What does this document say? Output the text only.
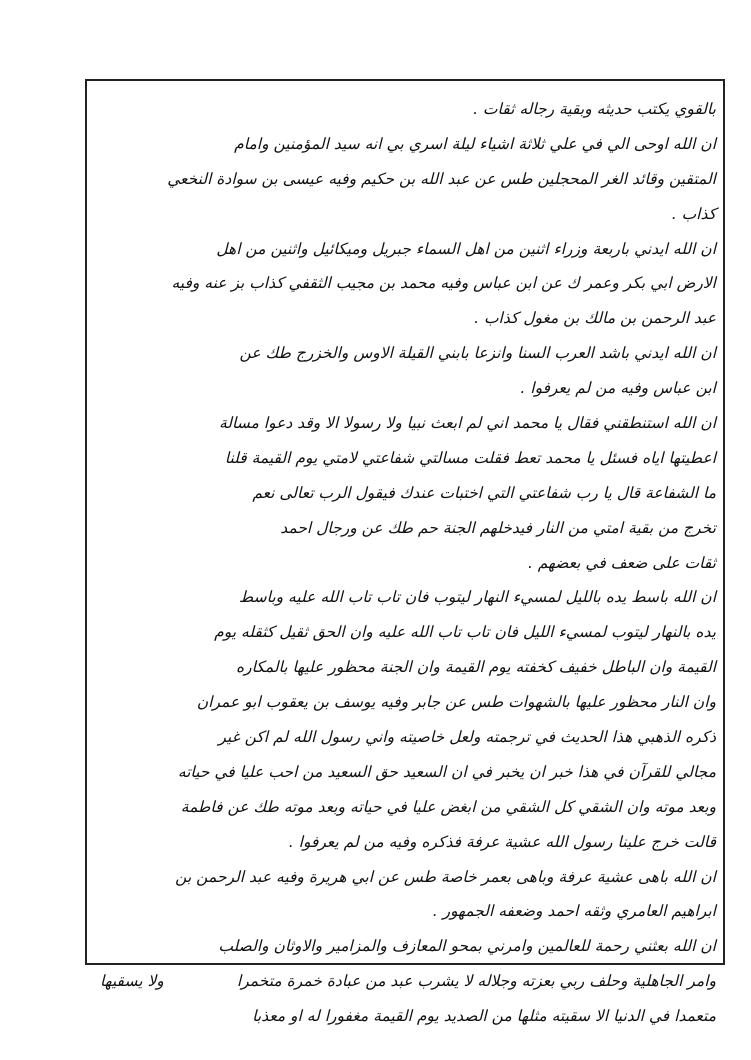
بالقوي يكتب حديثه وبقية رجاله ثقات .
ان الله اوحى الي في علي ثلاثة اشياء ليلة اسري بي انه سيد المؤمنين وامام
المتقين وقائد الغر المحجلين طس عن عبد الله بن حكيم وفيه عيسى بن سوادة النخعي
كذاب .
ان الله ايدني باربعة وزراء اثنين من اهل السماء جبريل وميكائيل واثنين من اهل
الارض ابي بكر وعمر ك عن ابن عباس وفيه محمد بن مجيب الثقفي كذاب بز عنه وفيه
عبد الرحمن بن مالك بن مغول كذاب .
ان الله ايدني باشد العرب السنا وانزعا بابني القيلة الاوس والخزرج طك عن
ابن عباس وفيه من لم يعرفوا .
ان الله استنطقني فقال يا محمد اني لم ابعث نبيا ولا رسولا الا وقد دعوا مسالة
اعطيتها اياه فسئل يا محمد تعط فقلت مسالتي شفاعتي لامتي يوم القيمة قلنا
ما الشفاعة قال يا رب شفاعتي التي اختبات عندك فيقول الرب تعالى نعم
تخرج من بقية امتي من النار فيدخلهم الجنة حم طك عن ورجال احمد
ثقات على ضعف في بعضهم .
ان الله باسط يده بالليل لمسيء النهار ليتوب فان تاب تاب الله عليه وباسط
يده بالنهار ليتوب لمسيء الليل فان تاب تاب الله عليه وان الحق ثقيل كثقله يوم
القيمة وان الباطل خفيف كخفته يوم القيمة وان الجنة محظور عليها بالمكاره
وان النار محظور عليها بالشهوات طس عن جابر وفيه يوسف بن يعقوب ابو عمران
ذكره الذهبي هذا الحديث في ترجمته ولعل خاصيته واني رسول الله لم اكن غير
مجالي للقرآن في هذا خبر ان يخبر في ان السعيد حق السعيد من احب عليا في حياته
وبعد موته وان الشقي كل الشقي من ابغض عليا في حياته وبعد موته طك عن فاطمة
قالت خرج علينا رسول الله عشية عرفة فذكره وفيه من لم يعرفوا .
ان الله باهى عشية عرفة وباهى بعمر خاصة طس عن ابي هريرة وفيه عبد الرحمن بن
ابراهيم العامري وثقه احمد وضعفه الجمهور .
ان الله بعثني رحمة للعالمين وامرني بمحو المعازف والمزامير والاوثان والصلب
وامر الجاهلية وحلف ربي بعزته وجلاله لا يشرب عبد من عبادة خمرة متخمرا
متعمدا في الدنيا الا سقيته مثلها من الصديد يوم القيمة مغفورا له او معذبا
ولا يسقيها
